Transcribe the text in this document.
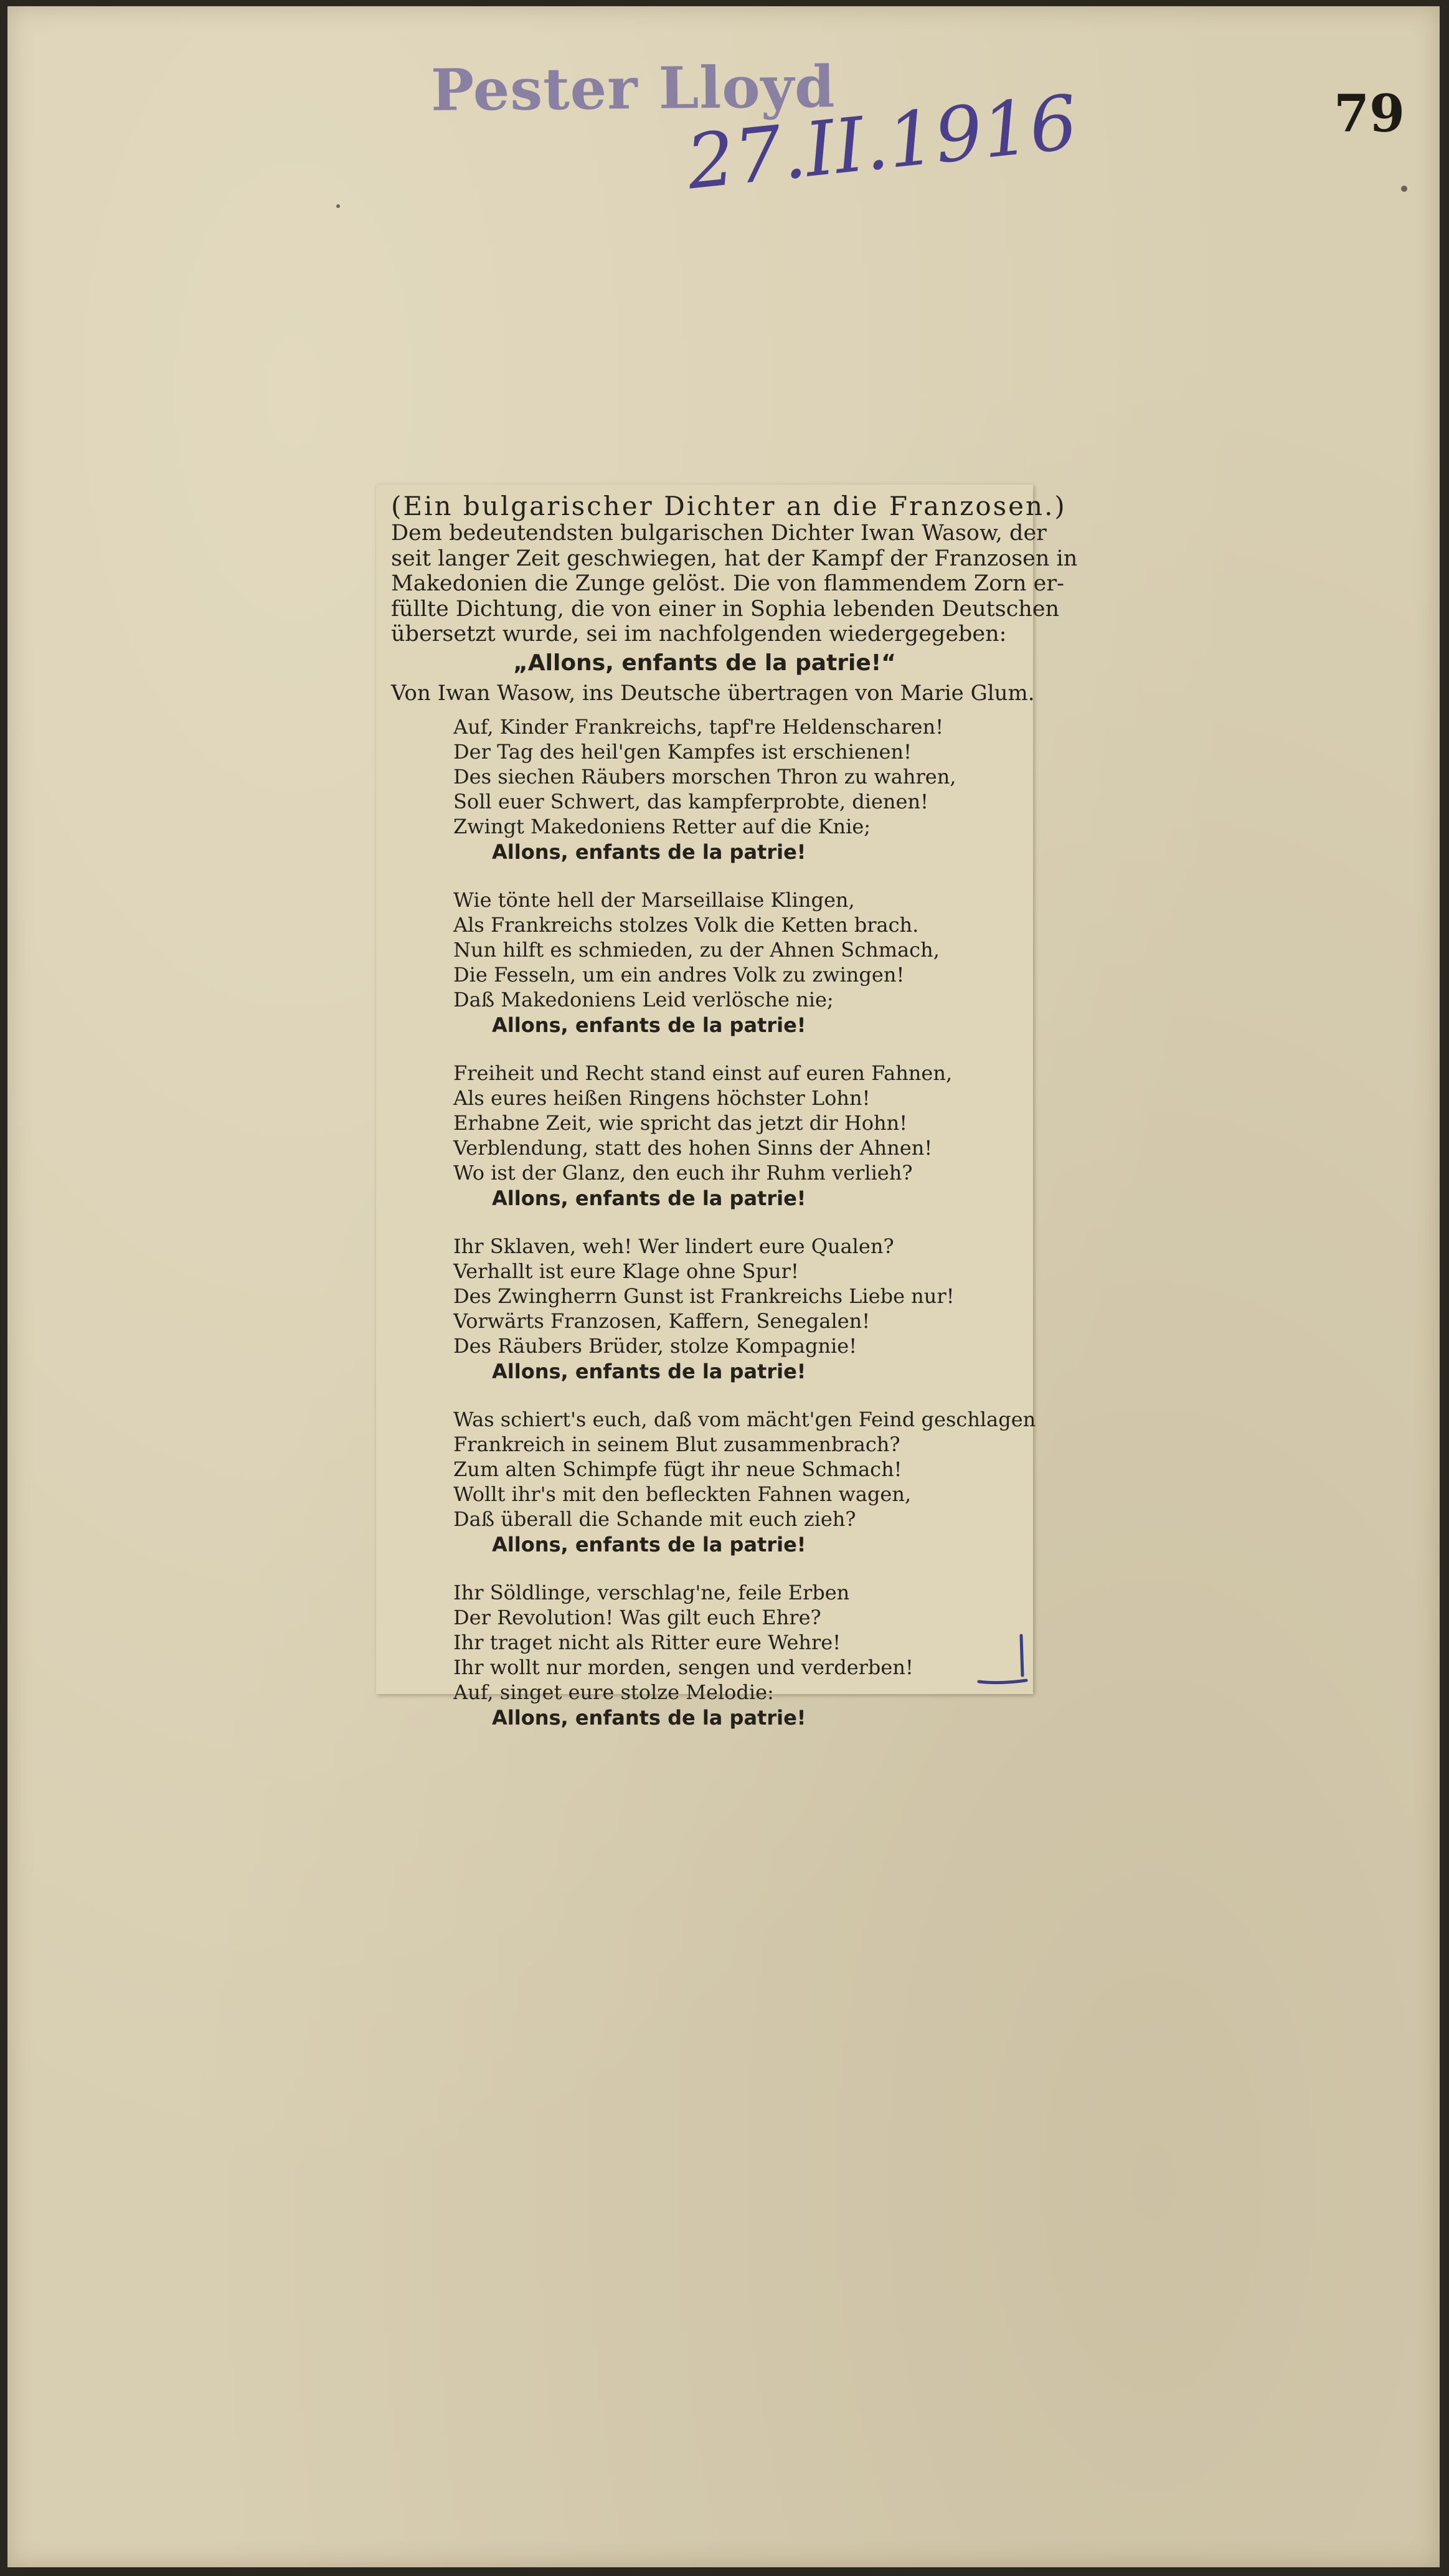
Pester Lloyd
27.II.1916	79

(Ein bulgarischer Dichter an die Franzosen.)

Dem bedeutendsten bulgarischen Dichter Iwan Wasow, der

seit langer Zeit geschwiegen, hat der Kampf der Franzosen in

Makedonien die Zunge gelöst. Die von flammendem Zorn er-

füllte Dichtung, die von einer in Sophia lebenden Deutschen

übersetzt wurde, sei im nachfolgenden wiedergegeben:

„Allons, enfants de la patrie!“

Von Iwan Wasow, ins Deutsche übertragen von Marie Glum.

Auf, Kinder Frankreichs, tapf're Heldenscharen!

Der Tag des heil'gen Kampfes ist erschienen!

Des siechen Räubers morschen Thron zu wahren,

Soll euer Schwert, das kampferprobte, dienen!

Zwingt Makedoniens Retter auf die Knie;

Allons, enfants de la patrie!

Wie tönte hell der Marseillaise Klingen,

Als Frankreichs stolzes Volk die Ketten brach.

Nun hilft es schmieden, zu der Ahnen Schmach,

Die Fesseln, um ein andres Volk zu zwingen!

Daß Makedoniens Leid verlösche nie;

Allons, enfants de la patrie!

Freiheit und Recht stand einst auf euren Fahnen,

Als eures heißen Ringens höchster Lohn!

Erhabne Zeit, wie spricht das jetzt dir Hohn!

Verblendung, statt des hohen Sinns der Ahnen!

Wo ist der Glanz, den euch ihr Ruhm verlieh?

Allons, enfants de la patrie!

Ihr Sklaven, weh! Wer lindert eure Qualen?

Verhallt ist eure Klage ohne Spur!

Des Zwingherrn Gunst ist Frankreichs Liebe nur!

Vorwärts Franzosen, Kaffern, Senegalen!

Des Räubers Brüder, stolze Kompagnie!

Allons, enfants de la patrie!

Was schiert's euch, daß vom mächt'gen Feind geschlagen

Frankreich in seinem Blut zusammenbrach?

Zum alten Schimpfe fügt ihr neue Schmach!

Wollt ihr's mit den befleckten Fahnen wagen,

Daß überall die Schande mit euch zieh?

Allons, enfants de la patrie!

Ihr Söldlinge, verschlag'ne, feile Erben

Der Revolution! Was gilt euch Ehre?

Ihr traget nicht als Ritter eure Wehre!

Ihr wollt nur morden, sengen und verderben!

Auf, singet eure stolze Melodie:

Allons, enfants de la patrie!
